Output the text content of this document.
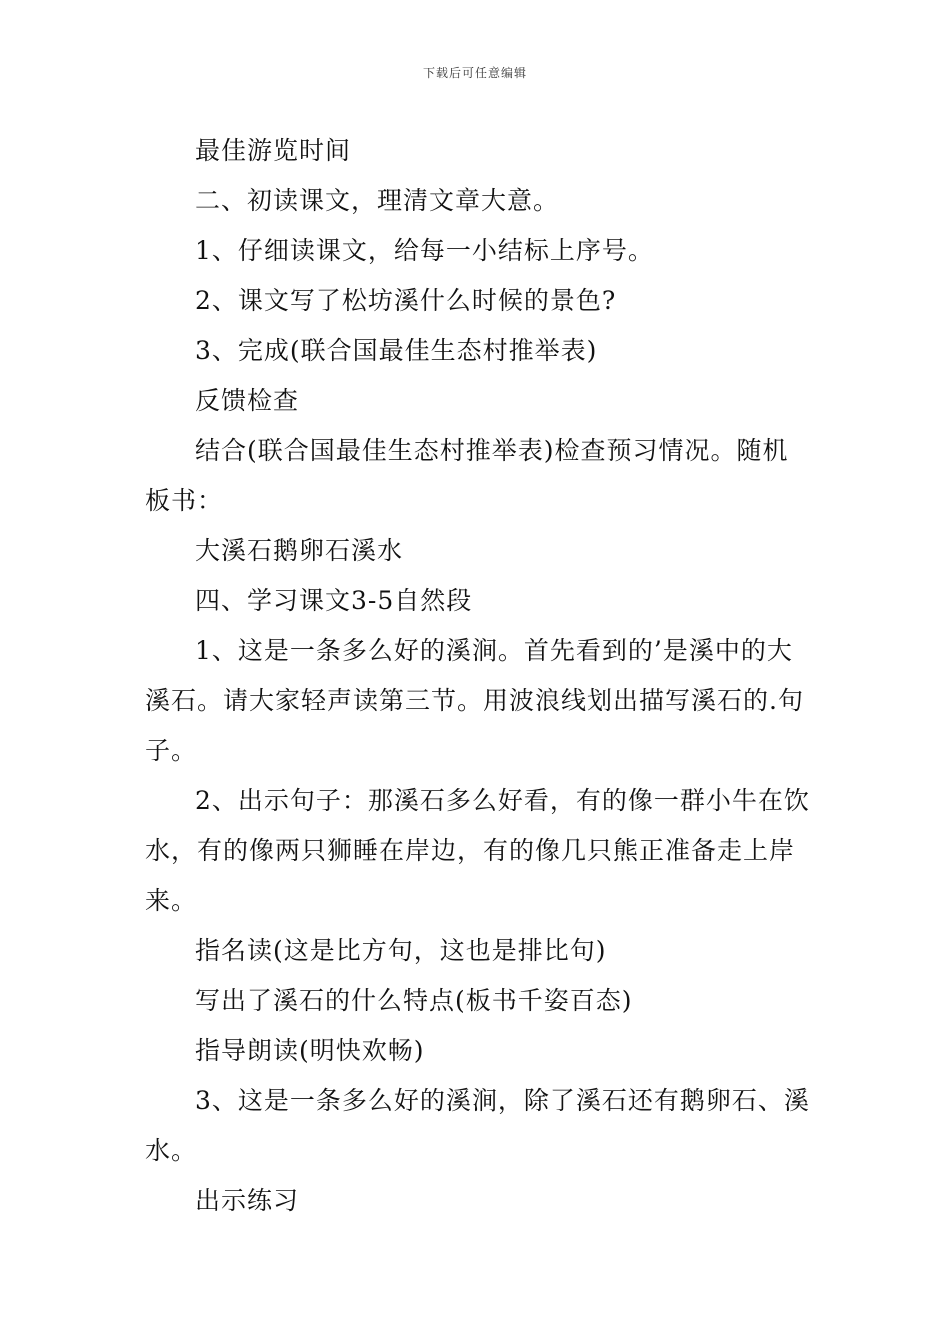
下载后可任意编辑

最佳游览时间

二、初读课文，理清文章大意。

1、仔细读课文，给每一小结标上序号。

2、课文写了松坊溪什么时候的景色?

3、完成(联合国最佳生态村推举表)

反馈检查

结合(联合国最佳生态村推举表)检查预习情况。随机板书：

大溪石鹅卵石溪水

四、学习课文3-5自然段

1、这是一条多么好的溪涧。首先看到的’是溪中的大溪石。请大家轻声读第三节。用波浪线划出描写溪石的.句子。

2、出示句子：那溪石多么好看，有的像一群小牛在饮水，有的像两只狮睡在岸边，有的像几只熊正准备走上岸来。

指名读(这是比方句，这也是排比句)

写出了溪石的什么特点(板书千姿百态)

指导朗读(明快欢畅)

3、这是一条多么好的溪涧，除了溪石还有鹅卵石、溪水。

出示练习
